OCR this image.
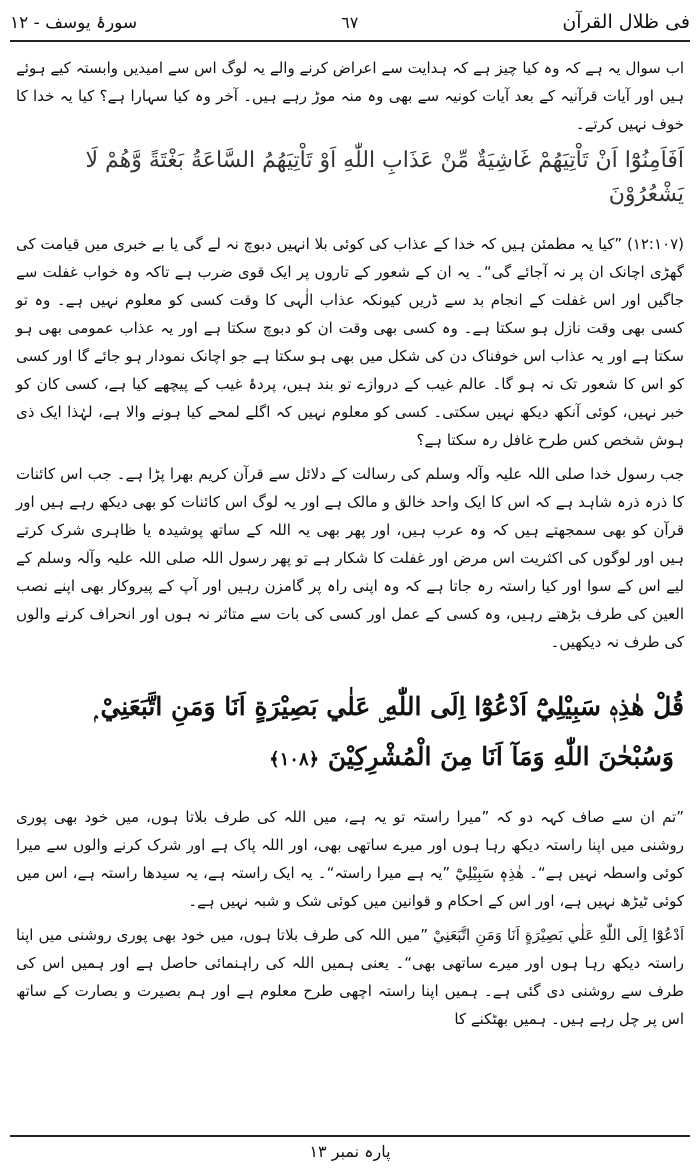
فی ظلال القرآن
٦٧
سورۂ یوسف - ١٢

اب سوال یہ ہے کہ وہ کیا چیز ہے کہ ہدایت سے اعراض کرنے والے یہ لوگ اس سے امیدیں وابستہ کیے ہوئے ہیں اور آیات قرآنیہ کے بعد آیات کونیہ سے بھی وہ منہ موڑ رہے ہیں۔ آخر وہ کیا سہارا ہے؟ کیا یہ خدا کا خوف نہیں کرتے۔

اَفَاَمِنُوْٓا اَنْ تَاْتِيَهُمْ غَاشِيَةٌ مِّنْ عَذَابِ اللّٰهِ اَوْ تَاْتِيَهُمُ السَّاعَةُ بَغْتَةً وَّهُمْ لَا يَشْعُرُوْنَ

(١٢:١٠٧) ”کیا یہ مطمئن ہیں کہ خدا کے عذاب کی کوئی بلا انہیں دبوچ نہ لے گی یا بے خبری میں قیامت کی گھڑی اچانک ان پر نہ آجائے گی“۔ یہ ان کے شعور کے تاروں پر ایک قوی ضرب ہے تاکہ وہ خواب غفلت سے جاگیں اور اس غفلت کے انجام بد سے ڈریں کیونکہ عذاب الٰہی کا وقت کسی کو معلوم نہیں ہے۔ وہ تو کسی بھی وقت نازل ہو سکتا ہے۔ وہ کسی بھی وقت ان کو دبوچ سکتا ہے اور یہ عذاب عمومی بھی ہو سکتا ہے اور یہ عذاب اس خوفناک دن کی شکل میں بھی ہو سکتا ہے جو اچانک نمودار ہو جائے گا اور کسی کو اس کا شعور تک نہ ہو گا۔ عالم غیب کے دروازے تو بند ہیں، پردۂ غیب کے پیچھے کیا ہے، کسی کان کو خبر نہیں، کوئی آنکھ دیکھ نہیں سکتی۔ کسی کو معلوم نہیں کہ اگلے لمحے کیا ہونے والا ہے، لہٰذا ایک ذی ہوش شخص کس طرح غافل رہ سکتا ہے؟

جب رسول خدا صلی اللہ علیہ وآلہ وسلم کی رسالت کے دلائل سے قرآن کریم بھرا پڑا ہے۔ جب اس کائنات کا ذرہ ذرہ شاہد ہے کہ اس کا ایک واحد خالق و مالک ہے اور یہ لوگ اس کائنات کو بھی دیکھ رہے ہیں اور قرآن کو بھی سمجھتے ہیں کہ وہ عرب ہیں، اور پھر بھی یہ اللہ کے ساتھ پوشیدہ یا ظاہری شرک کرتے ہیں اور لوگوں کی اکثریت اس مرض اور غفلت کا شکار ہے تو پھر رسول اللہ صلی اللہ علیہ وآلہ وسلم کے لیے اس کے سوا اور کیا راستہ رہ جاتا ہے کہ وہ اپنی راہ پر گامزن رہیں اور آپ کے پیروکار بھی اپنے نصب العین کی طرف بڑھتے رہیں، وہ کسی کے عمل اور کسی کی بات سے متاثر نہ ہوں اور انحراف کرنے والوں کی طرف نہ دیکھیں۔

قُلْ هٰذِهٖ سَبِيْلِيْٓ اَدْعُوْٓا اِلَى اللّٰهِ ۣ عَلٰي بَصِيْرَةٍ اَنَا وَمَنِ اتَّبَعَنِيْ ۭ
وَسُبْحٰنَ اللّٰهِ وَمَآ اَنَا مِنَ الْمُشْرِكِيْنَ ﴿١٠٨﴾

”تم ان سے صاف کہہ دو کہ ”میرا راستہ تو یہ ہے، میں اللہ کی طرف بلاتا ہوں، میں خود بھی پوری روشنی میں اپنا راستہ دیکھ رہا ہوں اور میرے ساتھی بھی، اور اللہ پاک ہے اور شرک کرنے والوں سے میرا کوئی واسطہ نہیں ہے“۔ هٰذِهٖ سَبِيْلِيْٓ ”یہ ہے میرا راستہ“۔ یہ ایک راستہ ہے، یہ سیدھا راستہ ہے، اس میں کوئی ٹیڑھ نہیں ہے، اور اس کے احکام و قوانین میں کوئی شک و شبہ نہیں ہے۔

اَدْعُوْٓا اِلَى اللّٰهِ عَلٰي بَصِيْرَةٍ اَنَا وَمَنِ اتَّبَعَنِيْ ”میں اللہ کی طرف بلاتا ہوں، میں خود بھی پوری روشنی میں اپنا راستہ دیکھ رہا ہوں اور میرے ساتھی بھی“۔ یعنی ہمیں اللہ کی راہنمائی حاصل ہے اور ہمیں اس کی طرف سے روشنی دی گئی ہے۔ ہمیں اپنا راستہ اچھی طرح معلوم ہے اور ہم بصیرت و بصارت کے ساتھ اس پر چل رہے ہیں۔ ہمیں بھٹکنے کا

پارہ نمبر ١٣
